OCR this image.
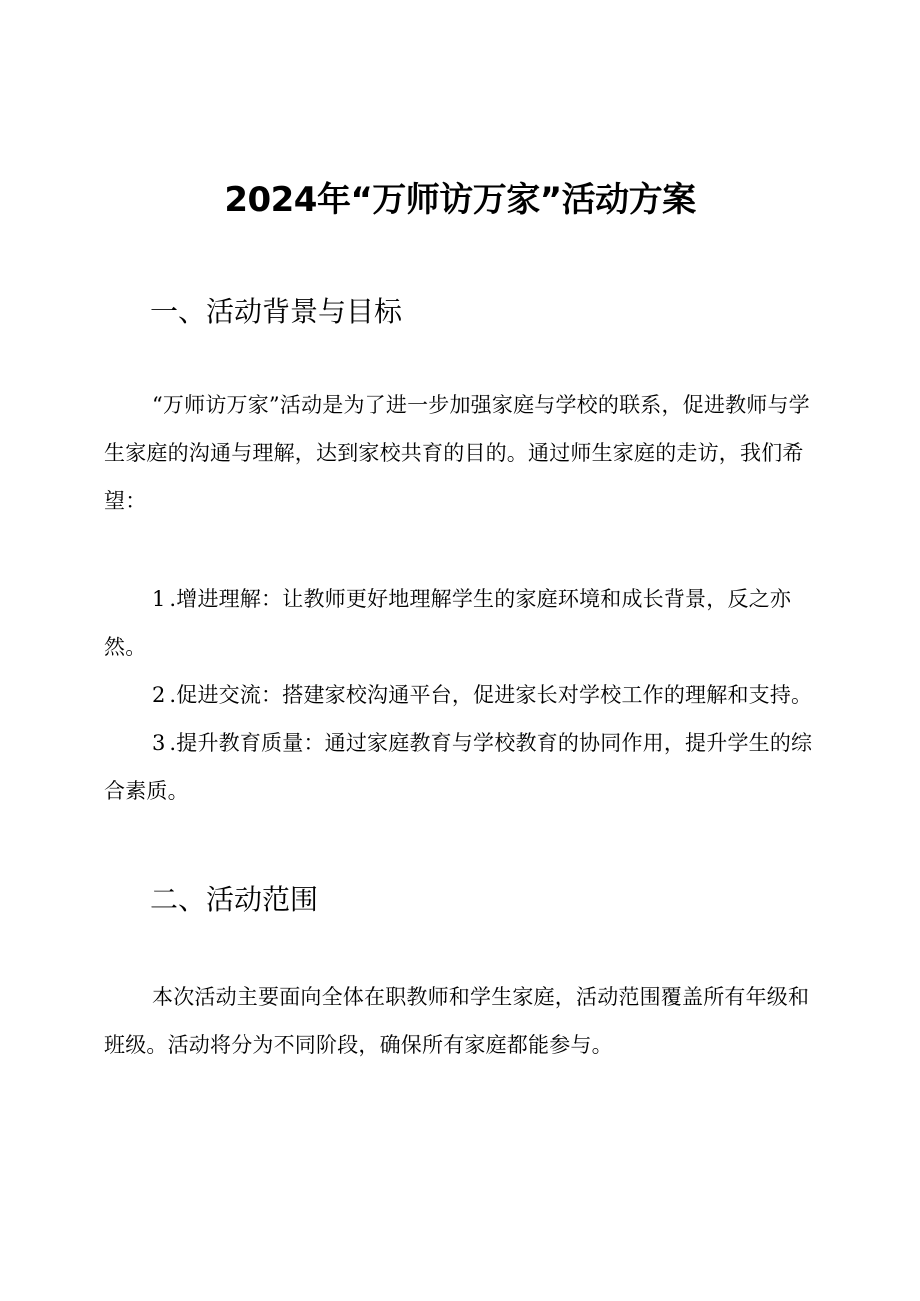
2024年“万师访万家”活动方案
一、活动背景与目标

“万师访万家”活动是为了进一步加强家庭与学校的联系，促进教师与学生家庭的沟通与理解，达到家校共育的目的。通过师生家庭的走访，我们希望：

1.增进理解：让教师更好地理解学生的家庭环境和成长背景，反之亦然。

2.促进交流：搭建家校沟通平台，促进家长对学校工作的理解和支持。

3.提升教育质量：通过家庭教育与学校教育的协同作用，提升学生的综合素质。

二、活动范围

本次活动主要面向全体在职教师和学生家庭，活动范围覆盖所有年级和班级。活动将分为不同阶段，确保所有家庭都能参与。
